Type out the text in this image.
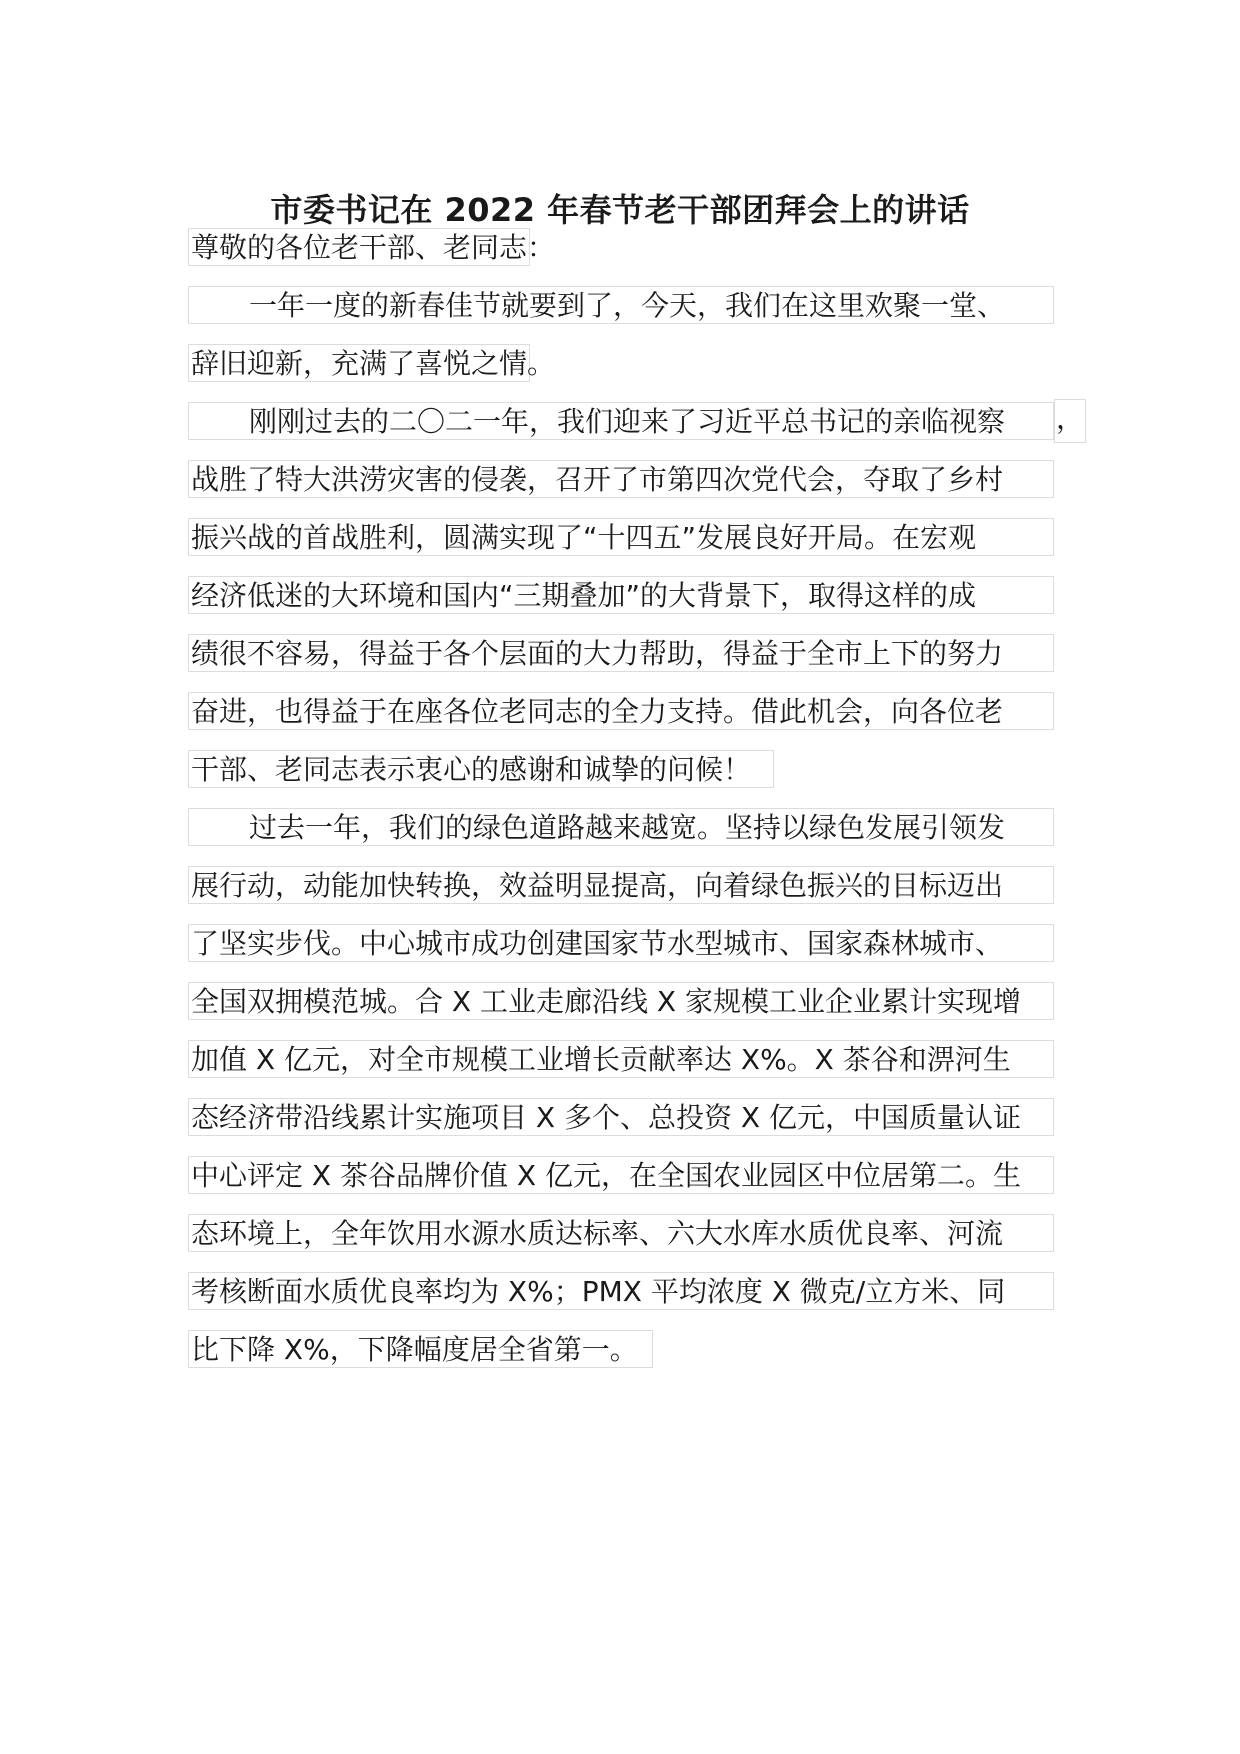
市委书记在 2022 年春节老干部团拜会上的讲话
尊敬的各位老干部、老同志：
一年一度的新春佳节就要到了，今天，我们在这里欢聚一堂、
辞旧迎新，充满了喜悦之情。
刚刚过去的二〇二一年，我们迎来了习近平总书记的亲临视察	，
战胜了特大洪涝灾害的侵袭，召开了市第四次党代会，夺取了乡村
振兴战的首战胜利，圆满实现了“十四五”发展良好开局。在宏观
经济低迷的大环境和国内“三期叠加”的大背景下，取得这样的成
绩很不容易，得益于各个层面的大力帮助，得益于全市上下的努力
奋进，也得益于在座各位老同志的全力支持。借此机会，向各位老
干部、老同志表示衷心的感谢和诚挚的问候！
过去一年，我们的绿色道路越来越宽。坚持以绿色发展引领发
展行动，动能加快转换，效益明显提高，向着绿色振兴的目标迈出
了坚实步伐。中心城市成功创建国家节水型城市、国家森林城市、
全国双拥模范城。合 X 工业走廊沿线 X 家规模工业企业累计实现增
加值 X 亿元，对全市规模工业增长贡献率达 X%。X 茶谷和淠河生
态经济带沿线累计实施项目 X 多个、总投资 X 亿元，中国质量认证
中心评定 X 茶谷品牌价值 X 亿元，在全国农业园区中位居第二。生
态环境上，全年饮用水源水质达标率、六大水库水质优良率、河流
考核断面水质优良率均为 X%；PMX 平均浓度 X 微克/立方米、同
比下降 X%，下降幅度居全省第一。
